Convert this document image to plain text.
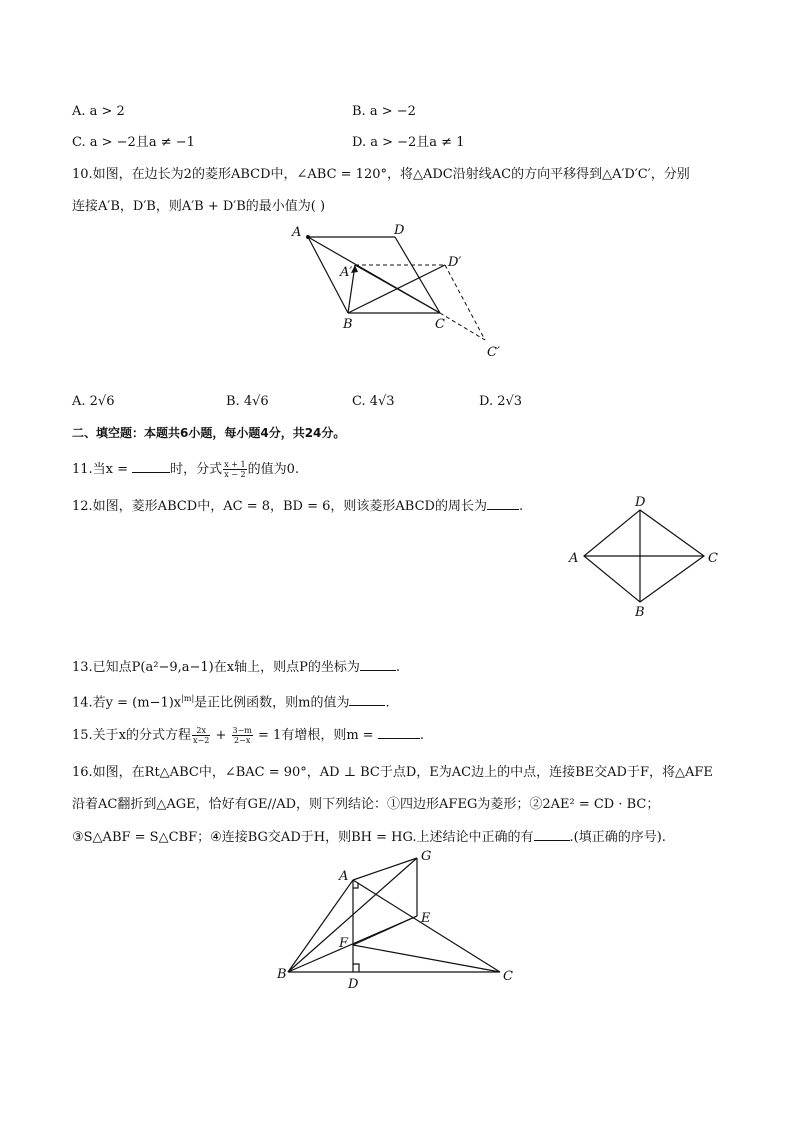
A. a > 2	B. a > −2
C. a > −2且a ≠ −1	D. a > −2且a ≠ 1
10.如图，在边长为2的菱形ABCD中，∠ABC = 120°，将△ADC沿射线AC的方向平移得到△A′D′C′，分别
连接A′B，D′B，则A′B + D′B的最小值为( )
A	D
A′
D′
B	C
C′
A. 2√6	B. 4√6	C. 4√3	D. 2√3
二、填空题：本题共6小题，每小题4分，共24分。
11.当x =	时，分式 $\frac{x + 1}{x - 2}$ 的值为0.
12.如图，菱形ABCD中，AC = 8，BD = 6，则该菱形ABCD的周长为 .	D
A	C
B
13.已知点P(a²−9,a−1)在x轴上，则点P的坐标为	.
14.若$y = (m-1)x^{|m|}$是正比例函数，则m的值为	.
15.关于x的分式方程 $\frac{2x}{x-2} + \frac{3-m}{2-x} = 1$有增根，则m =	.
16.如图，在Rt△ABC中，∠BAC = 90°，AD ⊥ BC于点D，E为AC边上的中点，连接BE交AD于F，将△AFE
沿着AC翻折到△AGE，恰好有GE//AD，则下列结论：①四边形AFEG为菱形；②2AE² = CD · BC；
③S△ABF = S△CBF；④连接BG交AD于H，则BH = HG.上述结论中正确的有	.(填正确的序号).
A
G
E
F
B
D
C
